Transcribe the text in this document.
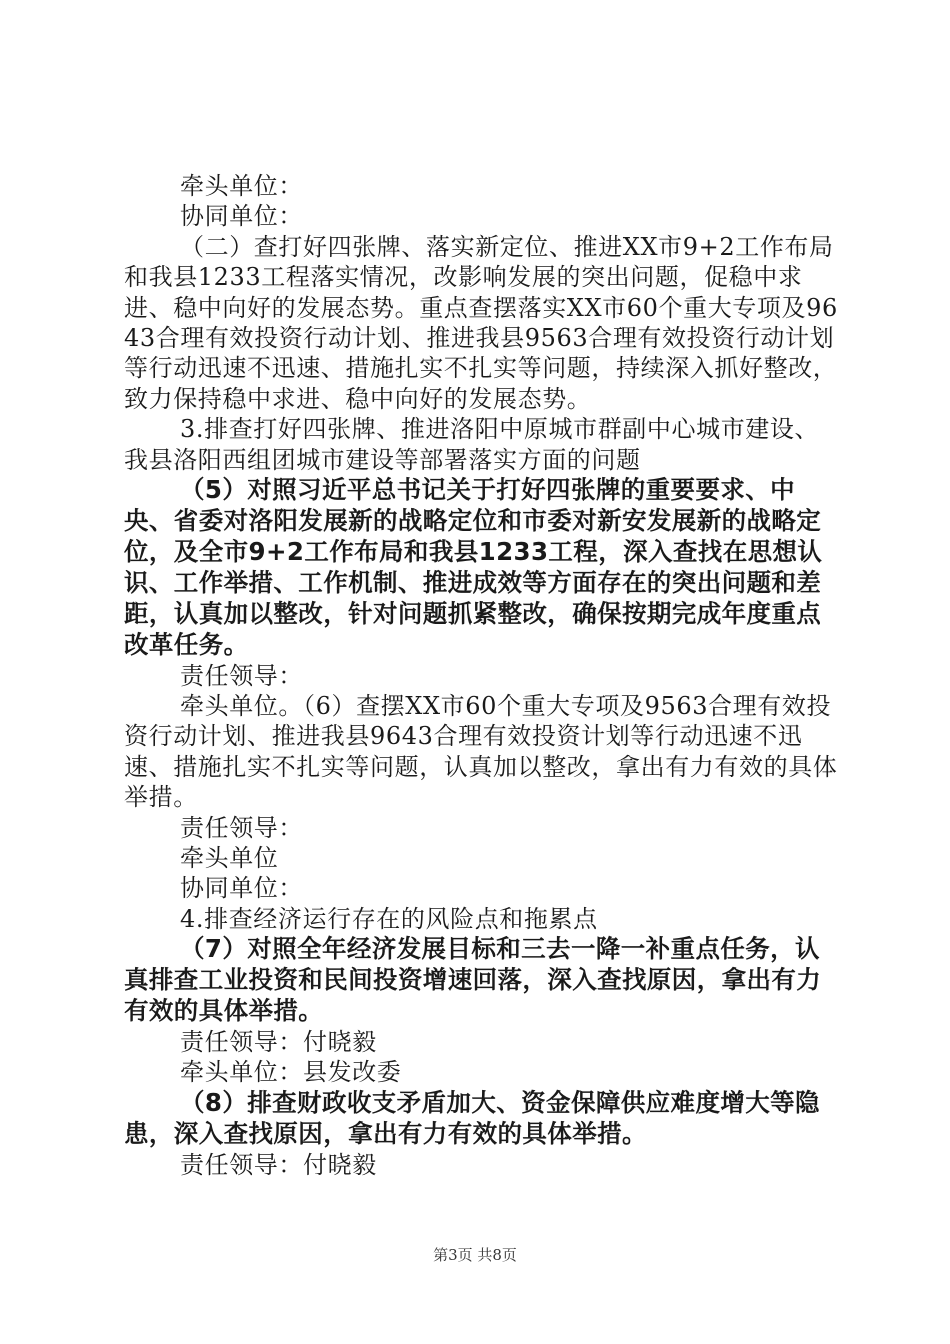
牵头单位：

协同单位：

（二）查打好四张牌、落实新定位、推进XX市9+2工作布局和我县1233工程落实情况，改影响发展的突出问题，促稳中求进、稳中向好的发展态势。重点查摆落实XX市60个重大专项及9643合理有效投资行动计划、推进我县9563合理有效投资行动计划等行动迅速不迅速、措施扎实不扎实等问题，持续深入抓好整改，致力保持稳中求进、稳中向好的发展态势。

3.排查打好四张牌、推进洛阳中原城市群副中心城市建设、我县洛阳西组团城市建设等部署落实方面的问题

（5）对照习近平总书记关于打好四张牌的重要要求、中央、省委对洛阳发展新的战略定位和市委对新安发展新的战略定位，及全市9+2工作布局和我县1233工程，深入查找在思想认识、工作举措、工作机制、推进成效等方面存在的突出问题和差距，认真加以整改，针对问题抓紧整改，确保按期完成年度重点改革任务。

责任领导：

牵头单位。（6）查摆XX市60个重大专项及9563合理有效投资行动计划、推进我县9643合理有效投资计划等行动迅速不迅速、措施扎实不扎实等问题，认真加以整改，拿出有力有效的具体举措。

责任领导：

牵头单位

协同单位：

4.排查经济运行存在的风险点和拖累点

（7）对照全年经济发展目标和三去一降一补重点任务，认真排查工业投资和民间投资增速回落，深入查找原因，拿出有力有效的具体举措。

责任领导：付晓毅

牵头单位：县发改委

（8）排查财政收支矛盾加大、资金保障供应难度增大等隐患，深入查找原因，拿出有力有效的具体举措。

责任领导：付晓毅

第3页 共8页
